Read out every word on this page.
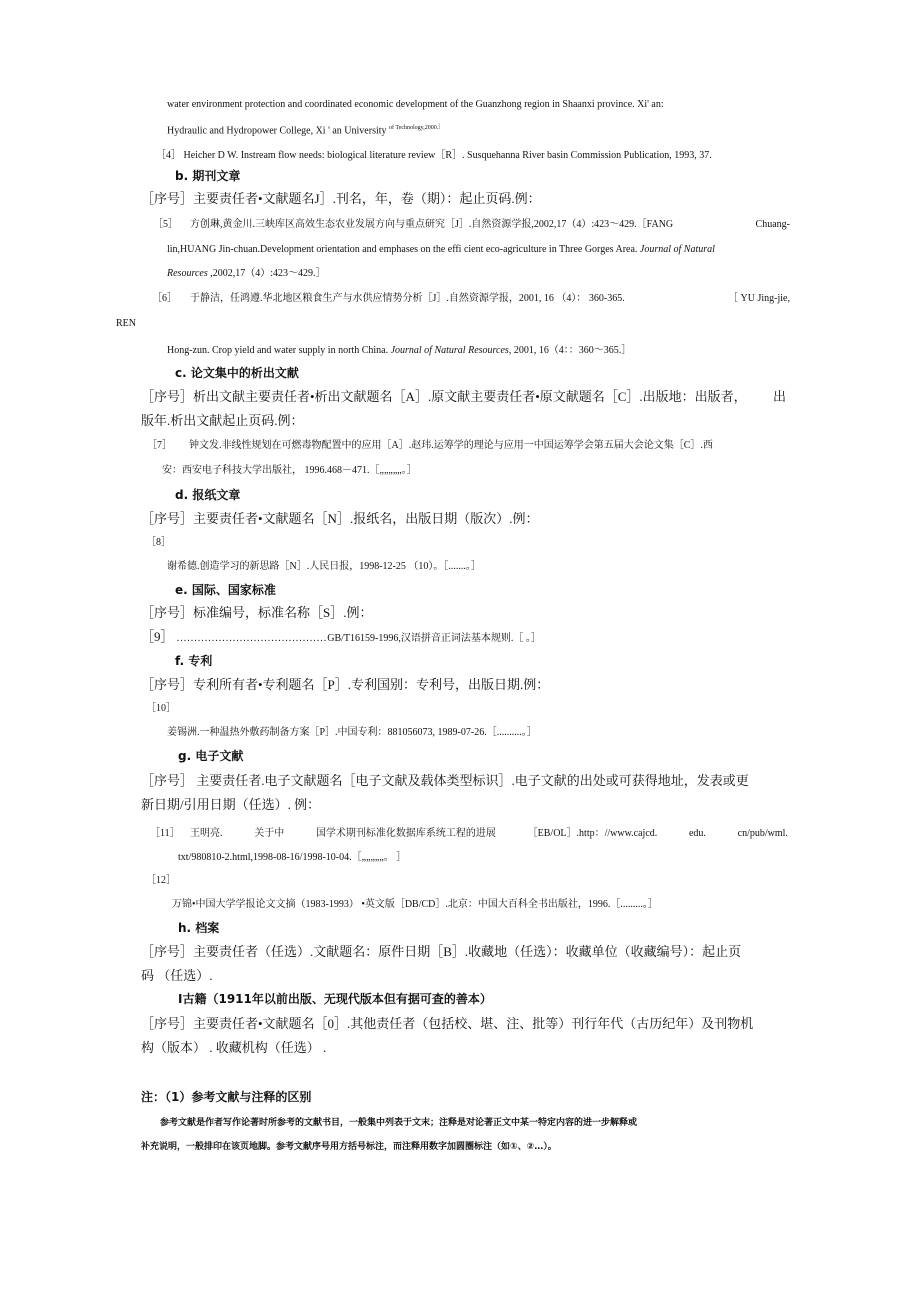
water environment protection and coordinated economic development of the Guanzhong region in Shaanxi province. Xi' an:
Hydraulic and Hydropower College, Xi ' an University $^{of Technology,2000.〕}$
［4］ Heicher D W. Instream flow needs: biological literature review［R］. Susquehanna River basin Commission Publication, 1993, 37.
b. 期刊文章
［序号］主要责任者•文献题名J］.刊名，年，卷（期）：起止页码.例：
［5］ 方创琳,黄金川.三峡库区高效生态农业发展方向与重点研究［J］.自然资源学报,2002,17（4）:423～429.［FANG	Chuang-
lin,HUANG Jin-chuan.Development orientation and emphases on the effi cient eco-agriculture in Three Gorges Area. Journal of Natural
Resources ,2002,17（4）:423～429.］
［6］ 于静洁，任鸿遵.华北地区粮食生产与水供应情势分析［J］.自然资源学报，2001, 16 （4）： 360-365.	［ YU Jing-jie,
REN
Hong-zun. Crop yield and water supply in north China. Journal of Natural Resources, 2001, 16（4：：360～365.］
c. 论文集中的析出文献
［序号］析出文献主要责任者•析出文献题名［A］.原文献主要责任者•原文献题名［C］.出版地：出版者， 出
版年.析出文献起止页码.例：
［7］ 钟文发.非线性规划在可燃毒物配置中的应用［A］.赵玮.运筹学的理论与应用一中国运筹学会第五届大会论文集［C］.西
安：西安电子科技大学出版社， 1996.468－471.［„„„„„。］
d. 报纸文章
［序号］主要责任者•文献题名［N］.报纸名，出版日期（版次）.例：
［8］
谢希德.创造学习的新思路［N］.人民日报，1998-12-25 （10）。［.......。］
e. 国际、国家标准
［序号］标准编号，标准名称［S］.例：
［9］ ...........................................GB/T16159-1996,汉语拼音正词法基本规则.［ 。］
f. 专利
［序号］专利所有者•专利题名［P］.专利国别：专利号，出版日期.例：
［10］
姜锡洲.一种温热外敷药制备方案［P］.中国专利：881056073, 1989-07-26.［..........。］
g. 电子文献
［序号］ 主要责任者.电子文献题名［电子文献及载体类型标识］.电子文献的出处或可获得地址，发表或更
新日期/引用日期（任选）. 例：
［11］ 王明亮.	关于中	国学术期刊标准化数据库系统工程的进展	［EB/OL］.http：//www.cajcd.	edu.	cn/pub/wml.
txt/980810-2.html,1998-08-16/1998-10-04.［„„„„„。 ］
［12］
万锦•中国大学学报论文文摘（1983-1993） •英文版［DB/CD］.北京：中国大百科全书出版社，1996.［.........。］
h. 档案
［序号］主要责任者（任选）.文献题名：原件日期［B］.收藏地（任选）：收藏单位（收藏编号）：起止页
码 （任选）.
I古籍（1911年以前出版、无现代版本但有据可查的善本）
［序号］主要责任者•文献题名［0］.其他责任者（包括校、堪、注、批等）刊行年代（古历纪年）及刊物机
构（版本） . 收藏机构（任选） .
注：（1）参考文献与注释的区别
参考文献是作者写作论著时所参考的文献书目，一般集中列表于文末；注释是对论著正文中某一特定内容的进一步解释或
补充说明，一般排印在该页地脚。参考文献序号用方括号标注，而注释用数字加圆圈标注（如①、②…）。
